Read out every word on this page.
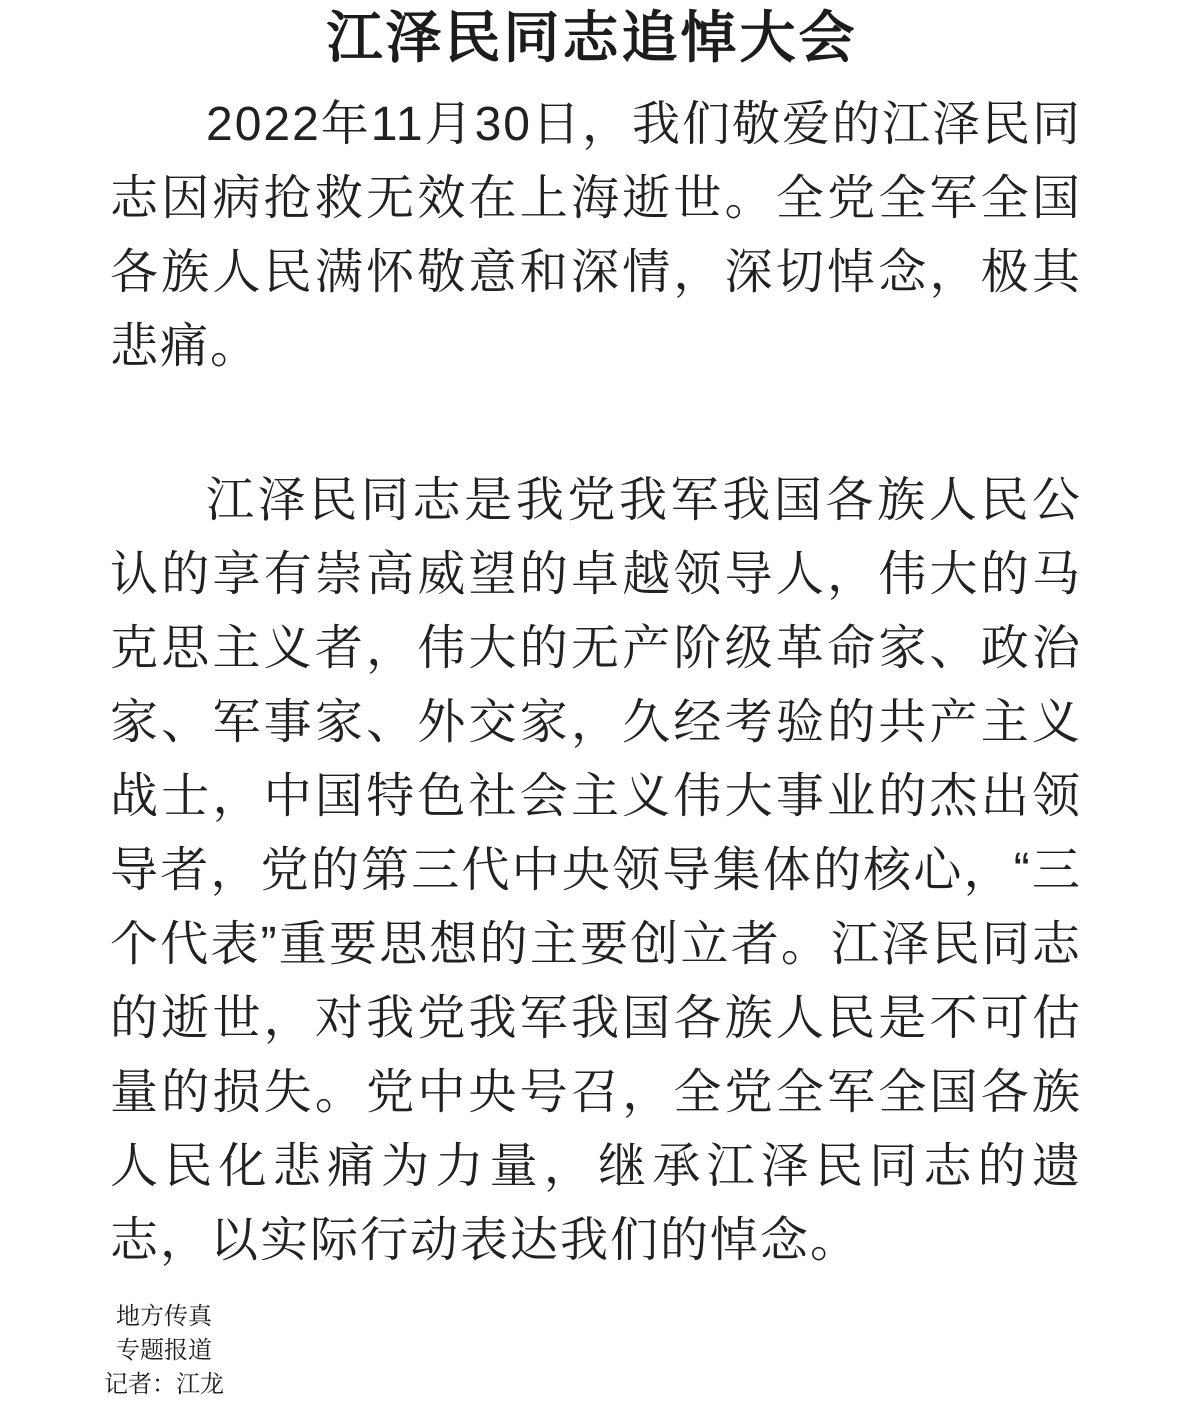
江泽民同志追悼大会

2022年11月30日，我们敬爱的江泽民同志因病抢救无效在上海逝世。全党全军全国各族人民满怀敬意和深情，深切悼念，极其悲痛。

江泽民同志是我党我军我国各族人民公认的享有崇高威望的卓越领导人，伟大的马克思主义者，伟大的无产阶级革命家、政治家、军事家、外交家，久经考验的共产主义战士，中国特色社会主义伟大事业的杰出领导者，党的第三代中央领导集体的核心，“三个代表”重要思想的主要创立者。江泽民同志的逝世，对我党我军我国各族人民是不可估量的损失。党中央号召，全党全军全国各族人民化悲痛为力量，继承江泽民同志的遗志，以实际行动表达我们的悼念。

地方传真
专题报道
记者：江龙
